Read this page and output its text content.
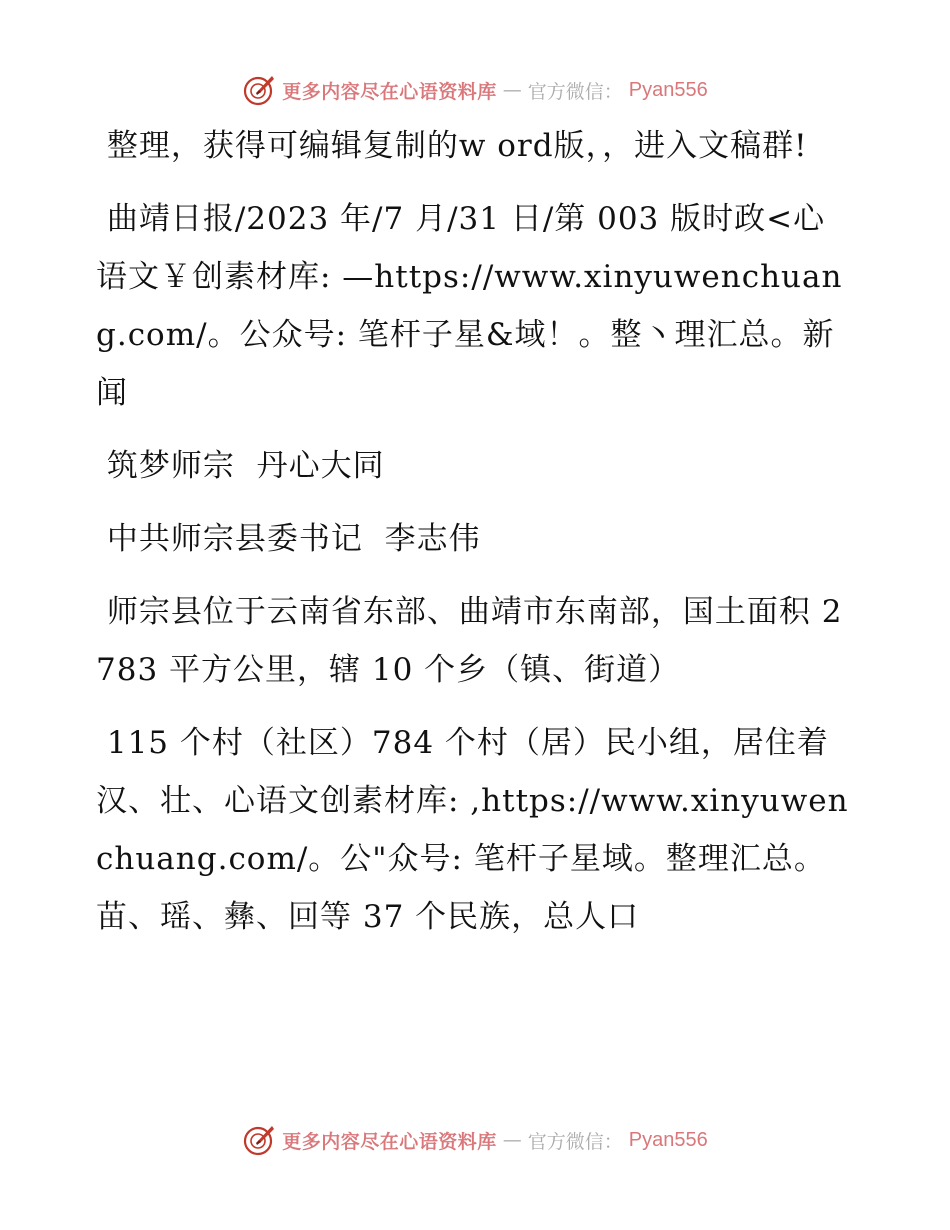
更多内容尽在心语资料库 — 官方微信： Pyan556

整理，获得可编辑复制的w ord版，，进入文稿群!

曲靖日报/2023 年/7 月/31 日/第 003 版时政<心语文￥创素材库: —https://www.xinyuwenchuang.com/。公众号: 笔杆子星&域！。整丶理汇总。新闻

筑梦师宗  丹心大同

中共师宗县委书记  李志伟

师宗县位于云南省东部、曲靖市东南部，国土面积 2783 平方公里，辖 10 个乡（镇、街道）

115 个村（社区）784 个村（居）民小组，居住着汉、壮、心语文创素材库: ,https://www.xinyuwenchuang.com/。公"众号: 笔杆子星域。整理汇总。苗、瑶、彝、回等 37 个民族，总人口

更多内容尽在心语资料库 — 官方微信： Pyan556
